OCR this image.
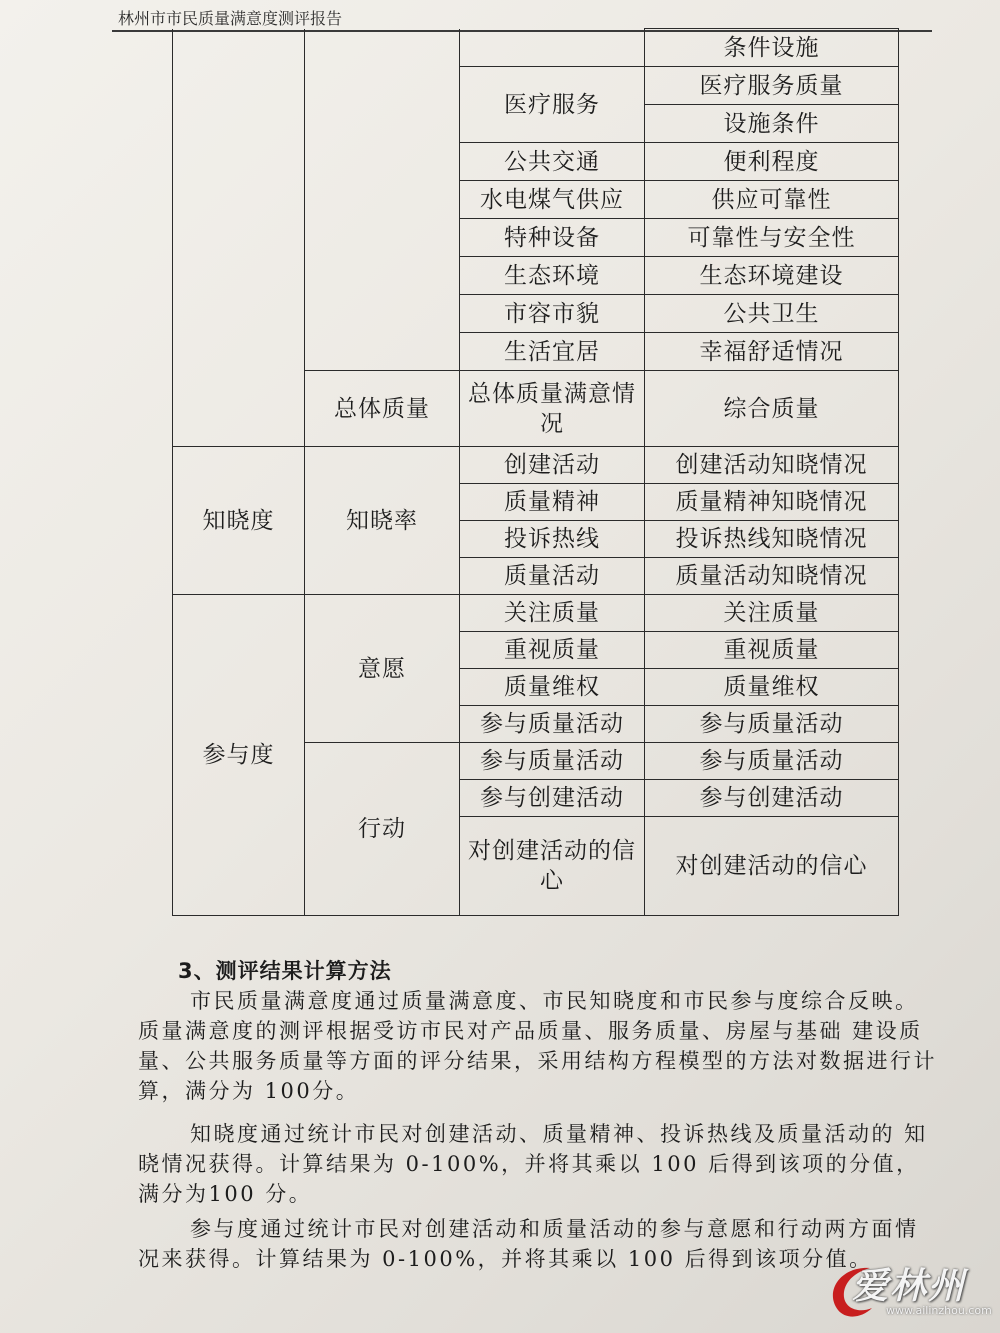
林州市市民质量满意度测评报告
			条件设施
		医疗服务	医疗服务质量
			设施条件
		公共交通	便利程度
		水电煤气供应	供应可靠性
		特种设备	可靠性与安全性
		生态环境	生态环境建设
		市容市貌	公共卫生
		生活宜居	幸福舒适情况
	总体质量	总体质量满意情况	综合质量
知晓度	知晓率	创建活动	创建活动知晓情况
		质量精神	质量精神知晓情况
		投诉热线	投诉热线知晓情况
		质量活动	质量活动知晓情况
参与度	意愿	关注质量	关注质量
		重视质量	重视质量
		质量维权	质量维权
		参与质量活动	参与质量活动
	行动	参与质量活动	参与质量活动
		参与创建活动	参与创建活动
		对创建活动的信心	对创建活动的信心
3、测评结果计算方法

市民质量满意度通过质量满意度、市民知晓度和市民参与度综合反映。质量满意度的测评根据受访市民对产品质量、服务质量、房屋与基础 建设质量、公共服务质量等方面的评分结果，采用结构方程模型的方法对数据进行计算，满分为 100分。

知晓度通过统计市民对创建活动、质量精神、投诉热线及质量活动的 知晓情况获得。计算结果为 0-100%，并将其乘以 100 后得到该项的分值，满分为100 分。

参与度通过统计市民对创建活动和质量活动的参与意愿和行动两方面情况来获得。计算结果为 0-100%，并将其乘以 100 后得到该项分值。

爱林州
www.ailinzhou.com
